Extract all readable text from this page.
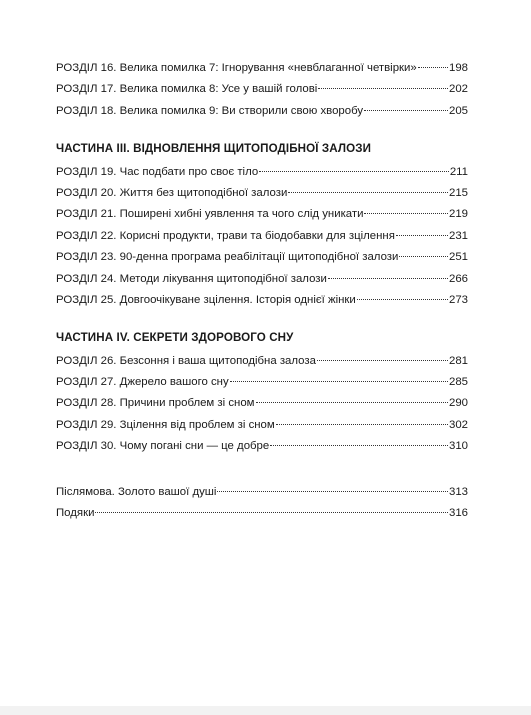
РОЗДІЛ 16. Велика помилка 7: Ігнорування «невблаганної четвірки»	198
РОЗДІЛ 17. Велика помилка 8: Усе у вашій голові	202
РОЗДІЛ 18. Велика помилка 9: Ви створили свою хворобу	205
ЧАСТИНА III. ВІДНОВЛЕННЯ ЩИТОПОДІБНОЇ ЗАЛОЗИ
РОЗДІЛ 19. Час подбати про своє тіло	211
РОЗДІЛ 20. Життя без щитоподібної залози	215
РОЗДІЛ 21. Поширені хибні уявлення та чого слід уникати	219
РОЗДІЛ 22. Корисні продукти, трави та біодобавки для зцілення	231
РОЗДІЛ 23. 90-денна програма реабілітації щитоподібної залози	251
РОЗДІЛ 24. Методи лікування щитоподібної залози	266
РОЗДІЛ 25. Довгоочікуване зцілення. Історія однієї жінки	273
ЧАСТИНА IV. СЕКРЕТИ ЗДОРОВОГО СНУ
РОЗДІЛ 26. Безсоння і ваша щитоподібна залоза	281
РОЗДІЛ 27. Джерело вашого сну	285
РОЗДІЛ 28. Причини проблем зі сном	290
РОЗДІЛ 29. Зцілення від проблем зі сном	302
РОЗДІЛ 30. Чому погані сни — це добре	310
Післямова. Золото вашої душі	313
Подяки	316
